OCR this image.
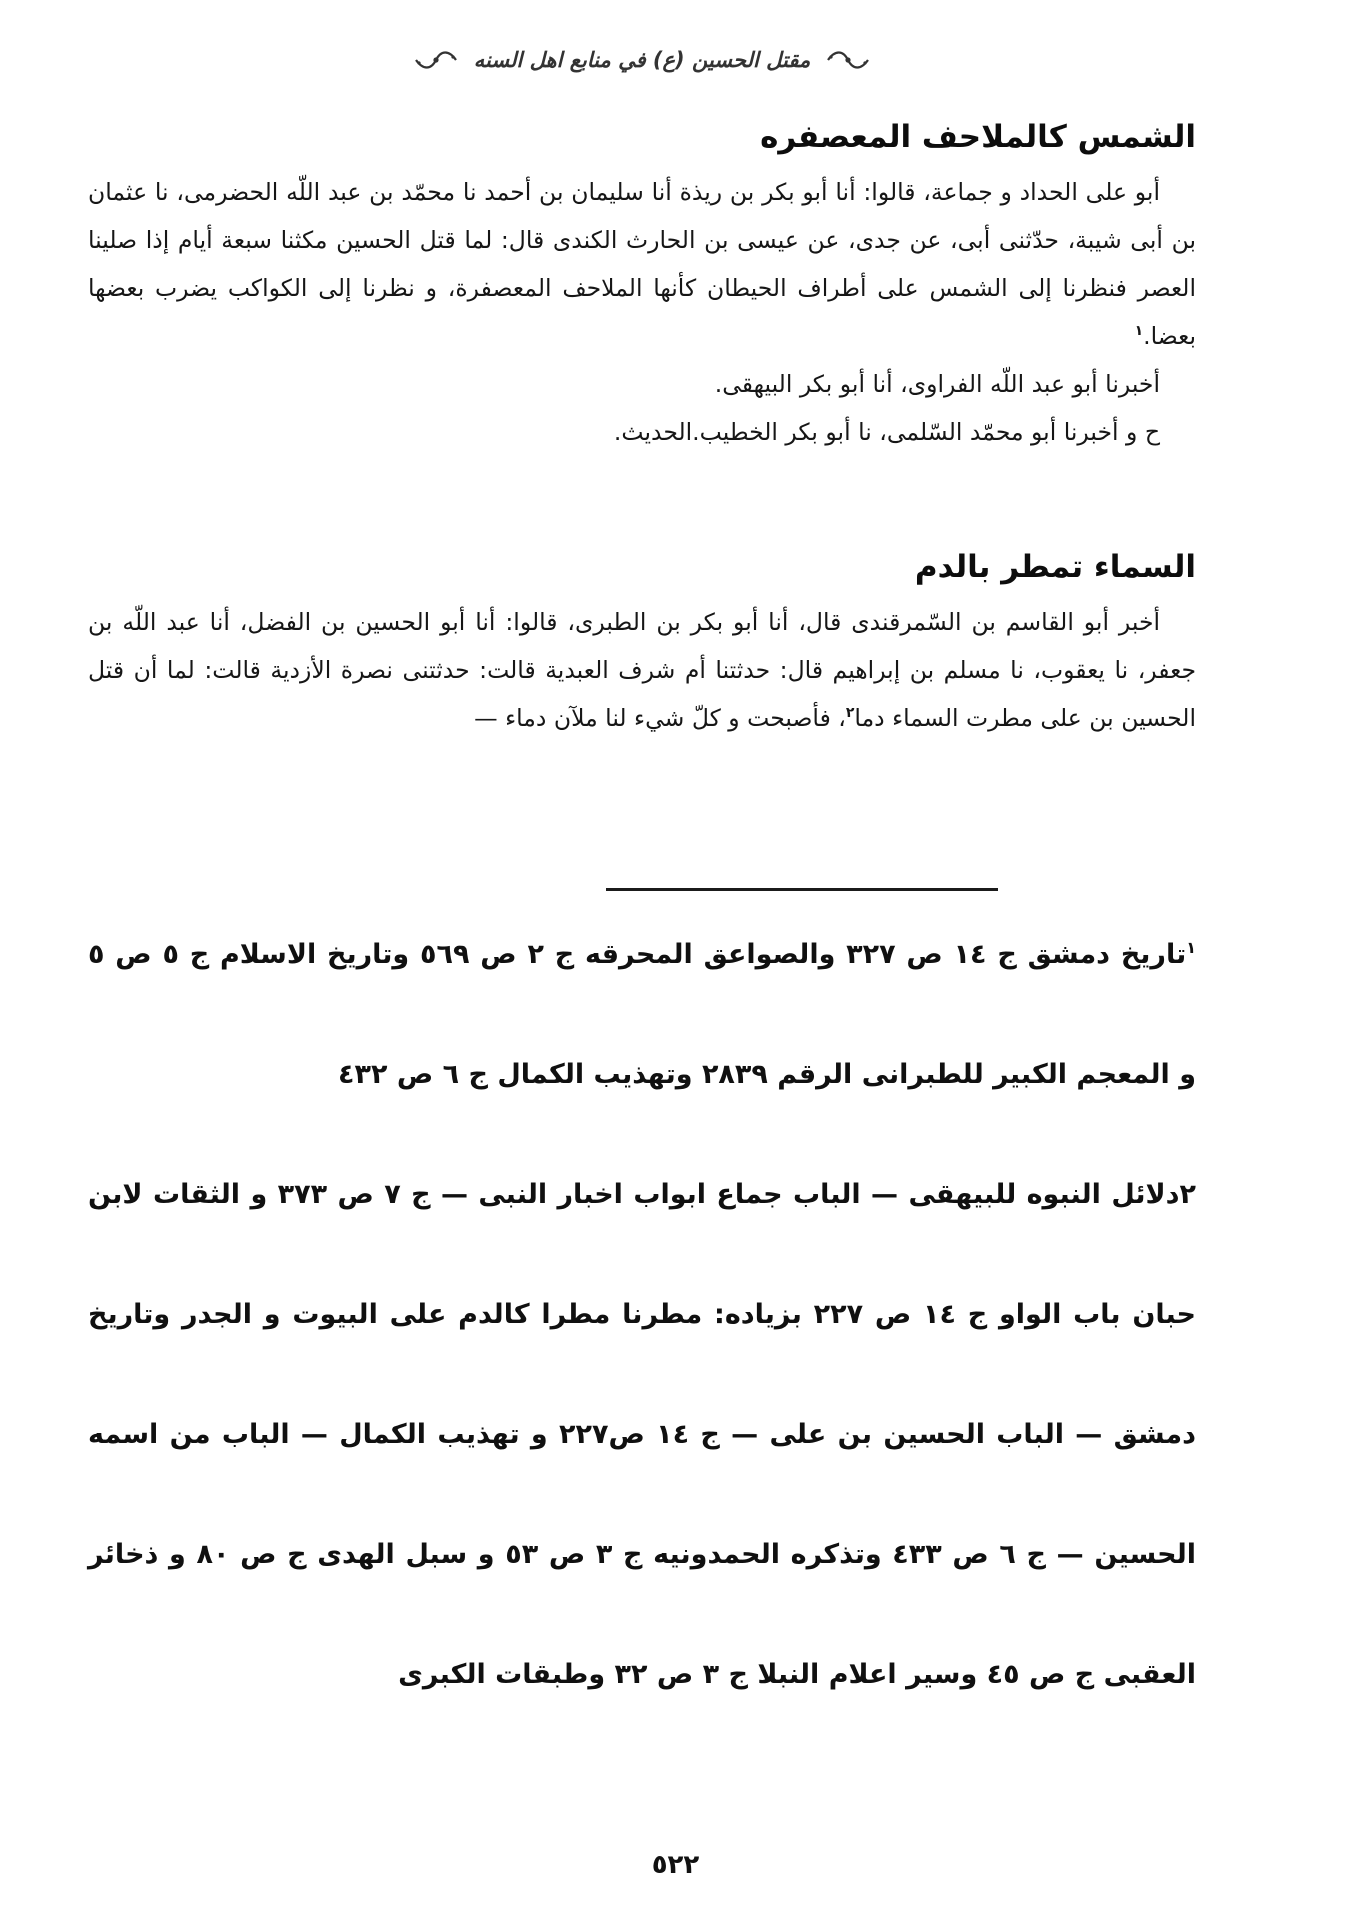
مقتل الحسين (ع) في منابع اهل السنه
الشمس كالملاحف المعصفره

أبو على الحداد و جماعة، قالوا: أنا أبو بكر بن ريذة أنا سليمان بن أحمد نا محمّد بن عبد اللّه الحضرمى، نا عثمان بن أبى شيبة، حدّثنى أبى، عن جدى، عن عيسى بن الحارث الكندى قال: لما قتل الحسين مكثنا سبعة أيام إذا صلينا العصر فنظرنا إلى الشمس على أطراف الحيطان كأنها الملاحف المعصفرة، و نظرنا إلى الكواكب يضرب بعضها بعضا.$^١$

أخبرنا أبو عبد اللّه الفراوى، أنا أبو بكر البيهقى.

ح و أخبرنا أبو محمّد السّلمى، نا أبو بكر الخطيب.الحديث.

السماء تمطر بالدم

أخبر أبو القاسم بن السّمرقندى قال، أنا أبو بكر بن الطبرى، قالوا: أنا أبو الحسين بن الفضل، أنا عبد اللّه بن جعفر، نا يعقوب، نا مسلم بن إبراهيم قال: حدثتنا أم شرف العبدية قالت: حدثتنى نصرة الأزدية قالت: لما أن قتل الحسين بن على مطرت السماء دما$^٢$، فأصبحت و كلّ شيء لنا ملآن دماء —

$^١$تاريخ دمشق ج ١٤ ص ٣٢٧ والصواعق المحرقه ج ٢ ص ٥٦٩ وتاريخ الاسلام ج ٥ ص ٥ و المعجم الكبير للطبرانى الرقم ٢٨٣٩ وتهذيب الكمال ج ٦ ص ٤٣٢

٢دلائل النبوه للبيهقى — الباب جماع ابواب اخبار النبى — ج ٧ ص ٣٧٣ و الثقات لابن حبان باب الواو ج ١٤ ص ٢٢٧ بزياده: مطرنا مطرا كالدم على البيوت و الجدر وتاريخ دمشق — الباب الحسين بن على — ج ١٤ ص٢٢٧ و تهذيب الكمال — الباب من اسمه الحسين — ج ٦ ص ٤٣٣ وتذكره الحمدونيه ج ٣ ص ٥٣ و سبل الهدى ج ص ٨٠ و ذخائر العقبى ج ص ٤٥ وسير اعلام النبلا ج ٣ ص ٣٢ وطبقات الكبرى

٥٢٢
